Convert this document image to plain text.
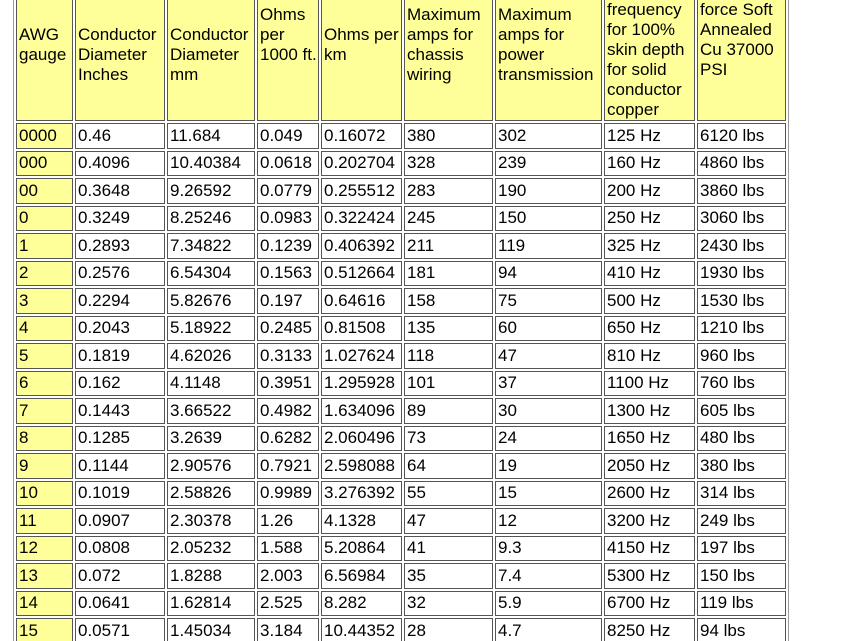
AWG gauge	Conductor Diameter Inches	Conductor Diameter mm	Ohms per 1000 ft.	Ohms per km	Maximum amps for chassis wiring	Maximum amps for power transmission	frequency for 100% skin depth for solid conductor copper	force Soft Annealed Cu 37000 PSI
0000	0.46	11.684	0.049	0.16072	380	302	125 Hz	6120 lbs
000	0.4096	10.40384	0.0618	0.202704	328	239	160 Hz	4860 lbs
00	0.3648	9.26592	0.0779	0.255512	283	190	200 Hz	3860 lbs
0	0.3249	8.25246	0.0983	0.322424	245	150	250 Hz	3060 lbs
1	0.2893	7.34822	0.1239	0.406392	211	119	325 Hz	2430 lbs
2	0.2576	6.54304	0.1563	0.512664	181	94	410 Hz	1930 lbs
3	0.2294	5.82676	0.197	0.64616	158	75	500 Hz	1530 lbs
4	0.2043	5.18922	0.2485	0.81508	135	60	650 Hz	1210 lbs
5	0.1819	4.62026	0.3133	1.027624	118	47	810 Hz	960 lbs
6	0.162	4.1148	0.3951	1.295928	101	37	1100 Hz	760 lbs
7	0.1443	3.66522	0.4982	1.634096	89	30	1300 Hz	605 lbs
8	0.1285	3.2639	0.6282	2.060496	73	24	1650 Hz	480 lbs
9	0.1144	2.90576	0.7921	2.598088	64	19	2050 Hz	380 lbs
10	0.1019	2.58826	0.9989	3.276392	55	15	2600 Hz	314 lbs
11	0.0907	2.30378	1.26	4.1328	47	12	3200 Hz	249 lbs
12	0.0808	2.05232	1.588	5.20864	41	9.3	4150 Hz	197 lbs
13	0.072	1.8288	2.003	6.56984	35	7.4	5300 Hz	150 lbs
14	0.0641	1.62814	2.525	8.282	32	5.9	6700 Hz	119 lbs
15	0.0571	1.45034	3.184	10.44352	28	4.7	8250 Hz	94 lbs
